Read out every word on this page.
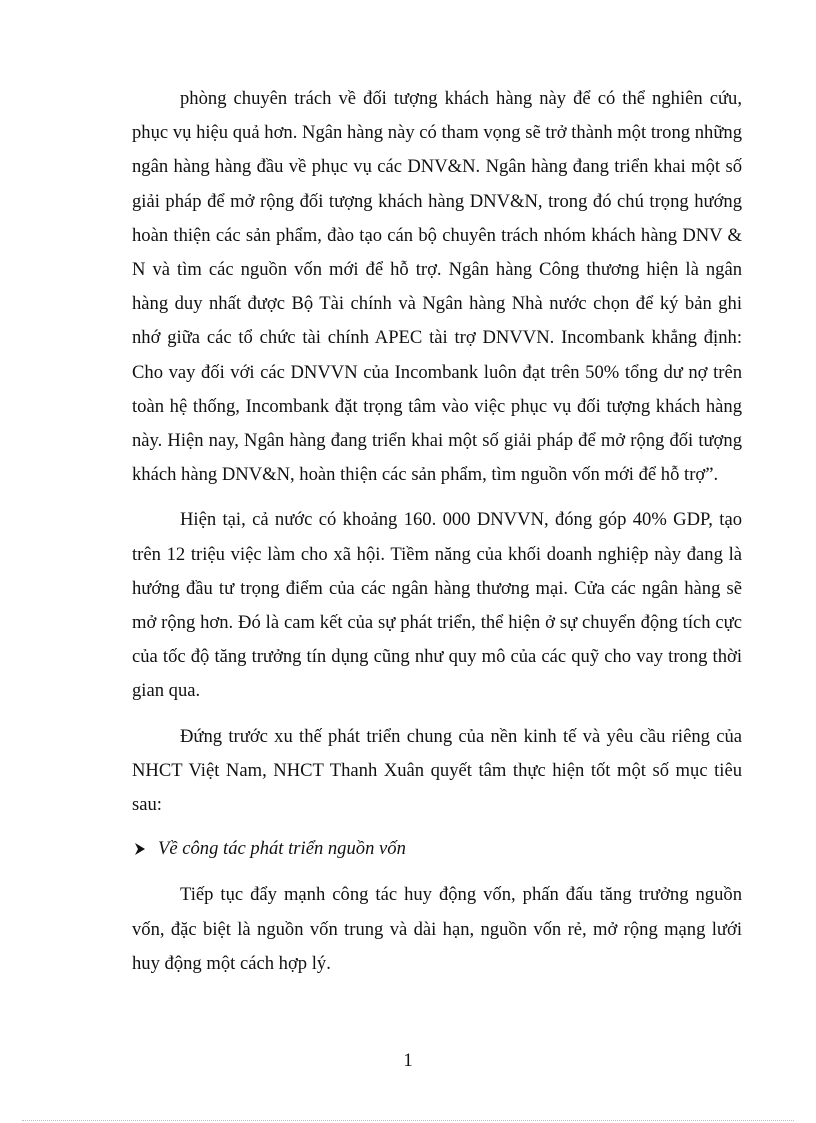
phòng chuyên trách về đối tượng khách hàng này để có thể nghiên cứu, phục vụ hiệu quả hơn. Ngân hàng này có tham vọng sẽ trở thành một trong những ngân hàng hàng đầu về phục vụ các DNV&N. Ngân hàng đang triển khai một số giải pháp để mở rộng đối tượng khách hàng DNV&N, trong đó chú trọng hướng hoàn thiện các sản phẩm, đào tạo cán bộ chuyên trách nhóm khách hàng DNV & N và tìm các nguồn vốn mới để hỗ trợ. Ngân hàng Công thương hiện là ngân hàng duy nhất được Bộ Tài chính và Ngân hàng Nhà nước chọn để ký bản ghi nhớ giữa các tổ chức tài chính APEC tài trợ DNVVN. Incombank khẳng định: Cho vay đối với các DNVVN của Incombank luôn đạt trên 50% tổng dư nợ trên toàn hệ thống, Incombank đặt trọng tâm vào việc phục vụ đối tượng khách hàng này. Hiện nay, Ngân hàng đang triển khai một số giải pháp để mở rộng đối tượng khách hàng DNV&N, hoàn thiện các sản phẩm, tìm nguồn vốn mới để hỗ trợ”.

Hiện tại, cả nước có khoảng 160. 000 DNVVN, đóng góp 40% GDP, tạo trên 12 triệu việc làm cho xã hội. Tiềm năng của khối doanh nghiệp này đang là hướng đầu tư trọng điểm của các ngân hàng thương mại. Cửa các ngân hàng sẽ mở rộng hơn. Đó là cam kết của sự phát triển, thể hiện ở sự chuyển động tích cực của tốc độ tăng trưởng tín dụng cũng như quy mô của các quỹ cho vay trong thời gian qua.

Đứng trước xu thế phát triển chung của nền kinh tế và yêu cầu riêng của NHCT Việt Nam, NHCT Thanh Xuân quyết tâm thực hiện tốt một số mục tiêu sau:

Về công tác phát triển nguồn vốn

Tiếp tục đẩy mạnh công tác huy động vốn, phấn đấu tăng trưởng nguồn vốn, đặc biệt là nguồn vốn trung và dài hạn, nguồn vốn rẻ, mở rộng mạng lưới huy động một cách hợp lý.

1
